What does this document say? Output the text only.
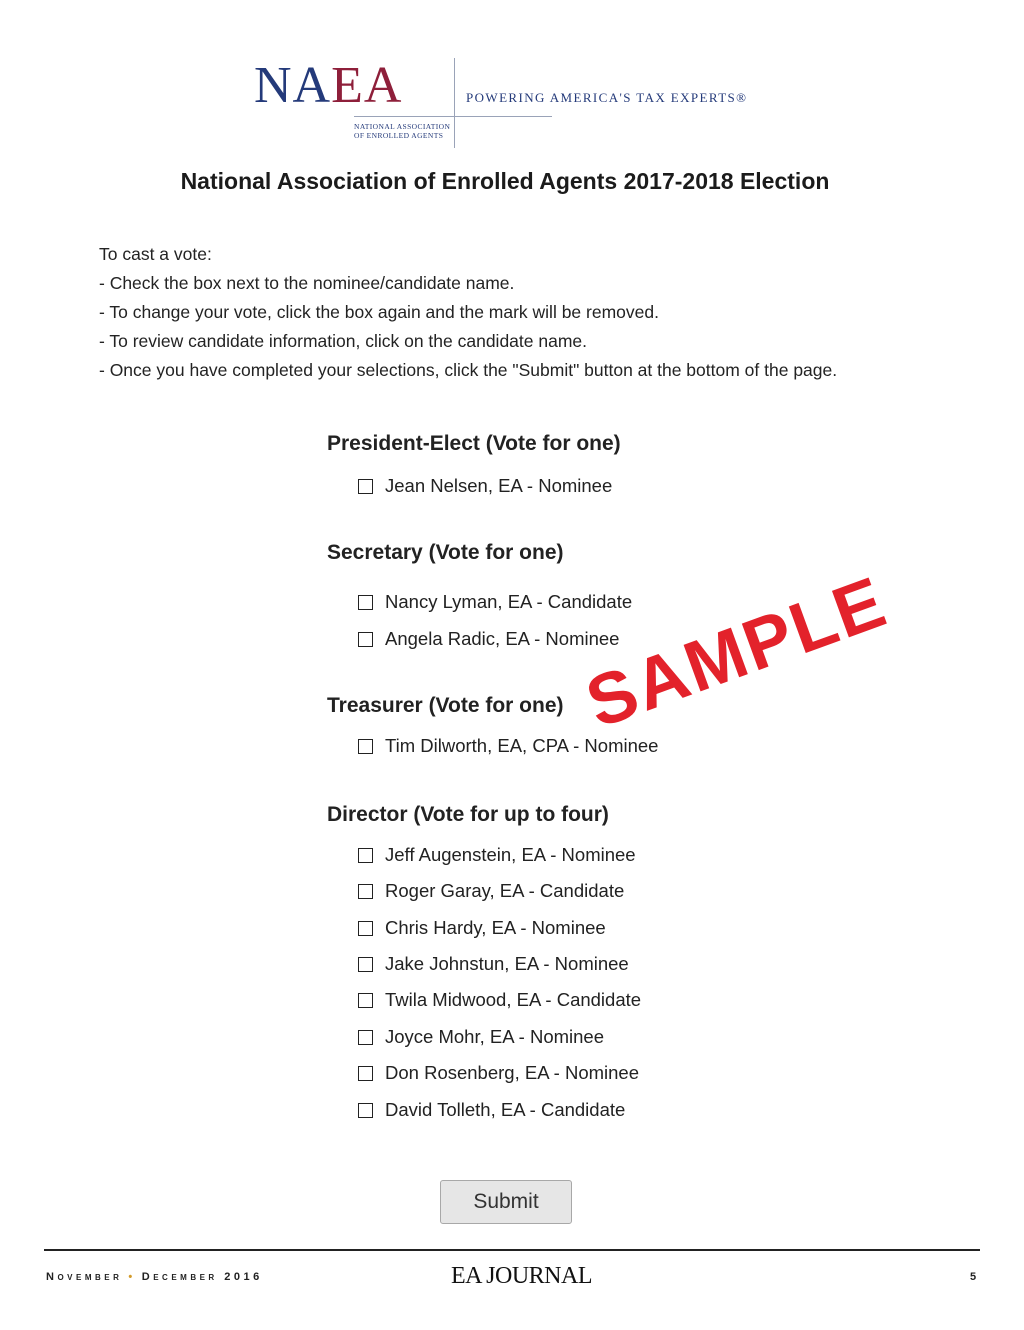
NAEA	POWERING AMERICA'S TAX EXPERTS®
NATIONAL ASSOCIATION
OF ENROLLED AGENTS
National Association of Enrolled Agents 2017-2018 Election
To cast a vote:
- Check the box next to the nominee/candidate name.
- To change your vote, click the box again and the mark will be removed.
- To review candidate information, click on the candidate name.
- Once you have completed your selections, click the "Submit" button at the bottom of the page.
President-Elect (Vote for one)
Jean Nelsen, EA - Nominee
Secretary (Vote for one)
Nancy Lyman, EA - Candidate
Angela Radic, EA - Nominee
Treasurer (Vote for one)
Tim Dilworth, EA, CPA - Nominee
Director (Vote for up to four)
Jeff Augenstein, EA - Nominee
Roger Garay, EA - Candidate
Chris Hardy, EA - Nominee
Jake Johnstun, EA - Nominee
Twila Midwood, EA - Candidate
Joyce Mohr, EA - Nominee
Don Rosenberg, EA - Nominee
David Tolleth, EA - Candidate
SAMPLE
Submit
November • December 2016	EA JOURNAL	5
